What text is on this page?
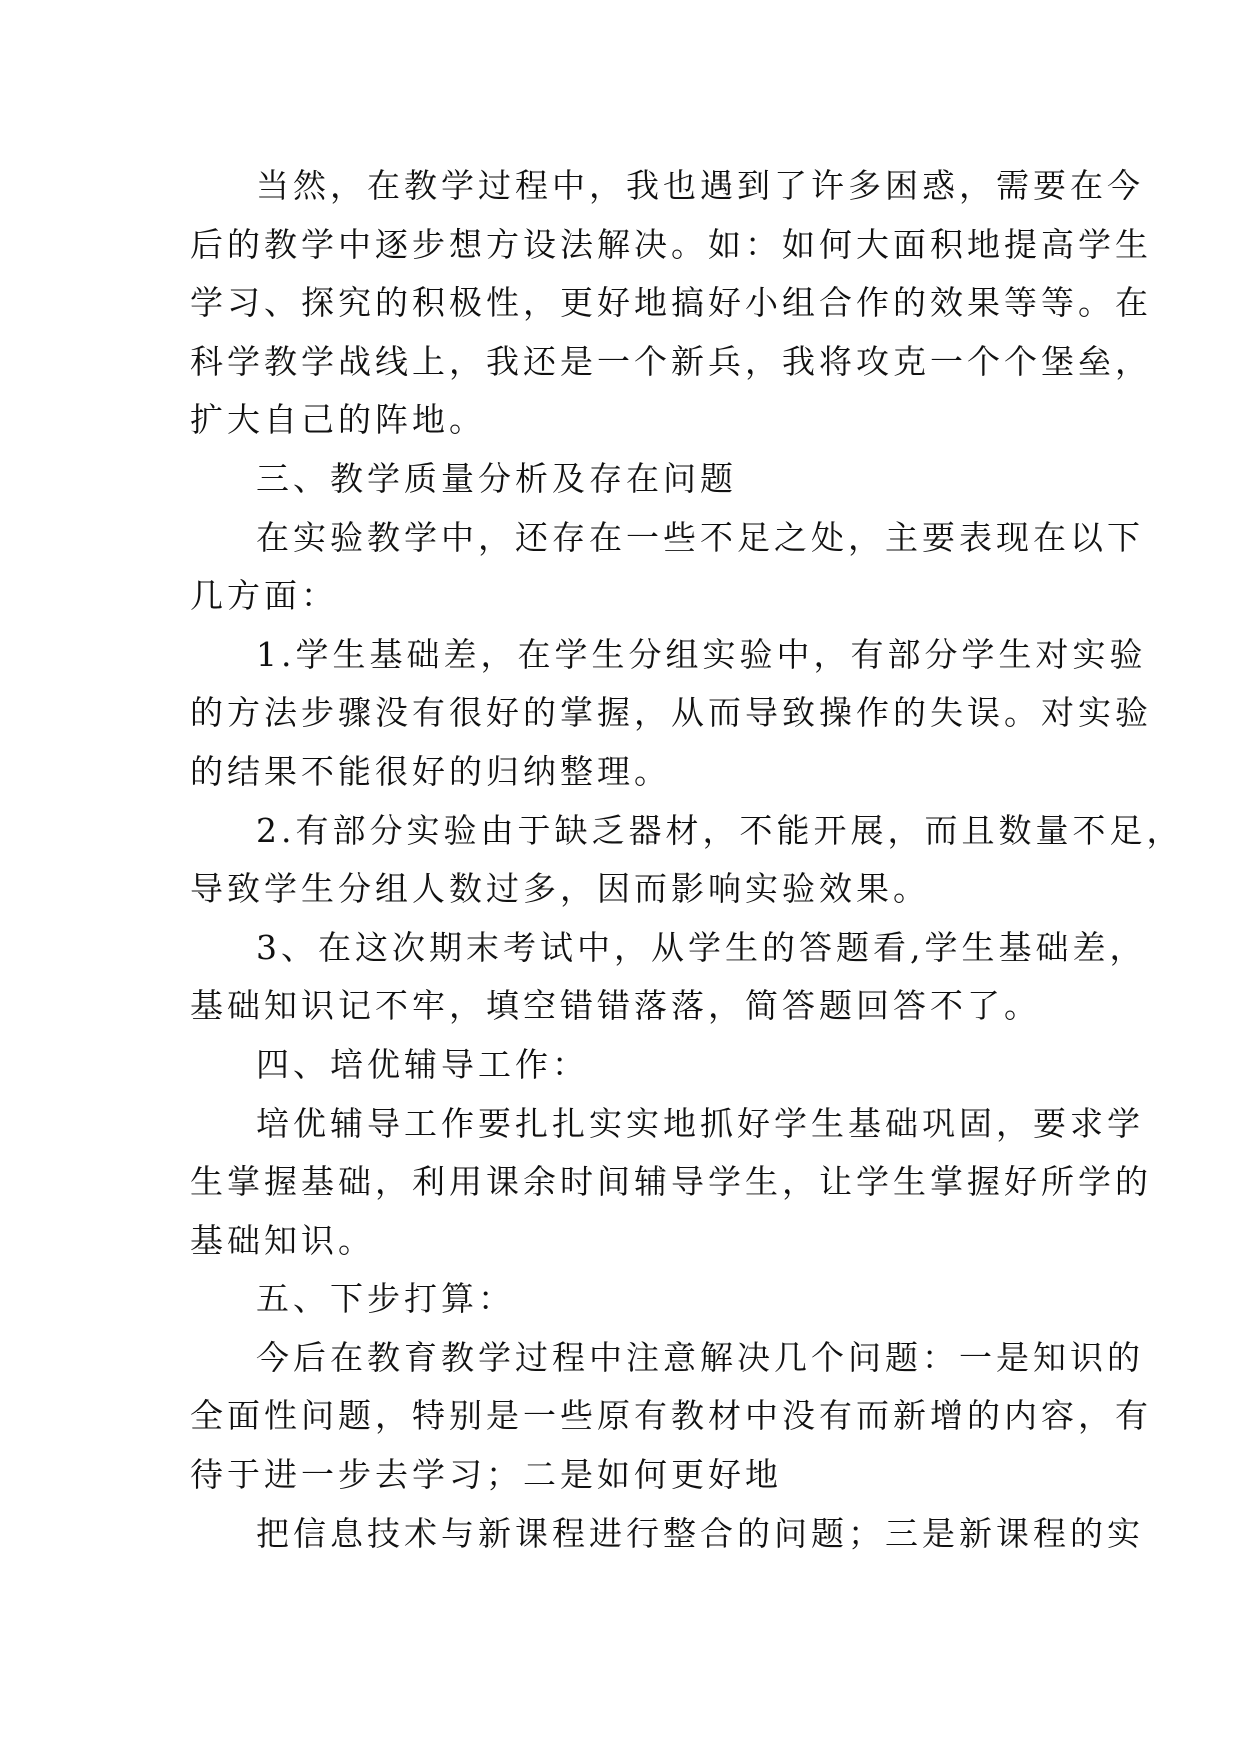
当然，在教学过程中，我也遇到了许多困惑，需要在今
后的教学中逐步想方设法解决。如：如何大面积地提高学生
学习、探究的积极性，更好地搞好小组合作的效果等等。在
科学教学战线上，我还是一个新兵，我将攻克一个个堡垒，
扩大自己的阵地。
三、教学质量分析及存在问题
在实验教学中，还存在一些不足之处，主要表现在以下
几方面：
1.学生基础差，在学生分组实验中，有部分学生对实验
的方法步骤没有很好的掌握，从而导致操作的失误。对实验
的结果不能很好的归纳整理。
2.有部分实验由于缺乏器材，不能开展，而且数量不足，
导致学生分组人数过多，因而影响实验效果。
3、在这次期末考试中，从学生的答题看,学生基础差，
基础知识记不牢，填空错错落落，简答题回答不了。
四、培优辅导工作：
培优辅导工作要扎扎实实地抓好学生基础巩固，要求学
生掌握基础，利用课余时间辅导学生，让学生掌握好所学的
基础知识。
五、下步打算：
今后在教育教学过程中注意解决几个问题：一是知识的
全面性问题，特别是一些原有教材中没有而新增的内容，有
待于进一步去学习；二是如何更好地
把信息技术与新课程进行整合的问题；三是新课程的实
